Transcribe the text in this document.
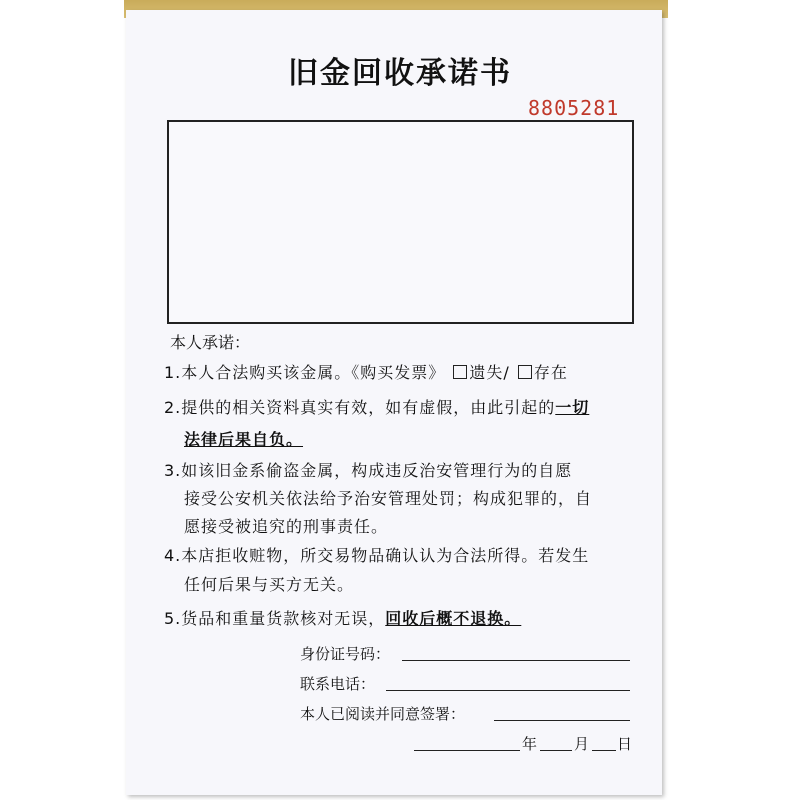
旧金回收承诺书
8805281
本人承诺：
1.本人合法购买该金属。《购买发票》 遗失/ 存在
2.提供的相关资料真实有效，如有虚假，由此引起的一切
法律后果自负。
3.如该旧金系偷盗金属，构成违反治安管理行为的自愿
接受公安机关依法给予治安管理处罚；构成犯罪的，自
愿接受被追究的刑事责任。
4.本店拒收赃物，所交易物品确认认为合法所得。若发生
任何后果与买方无关。
5.货品和重量货款核对无误，回收后概不退换。
身份证号码：
联系电话：
本人已阅读并同意签署：
年 月 日
